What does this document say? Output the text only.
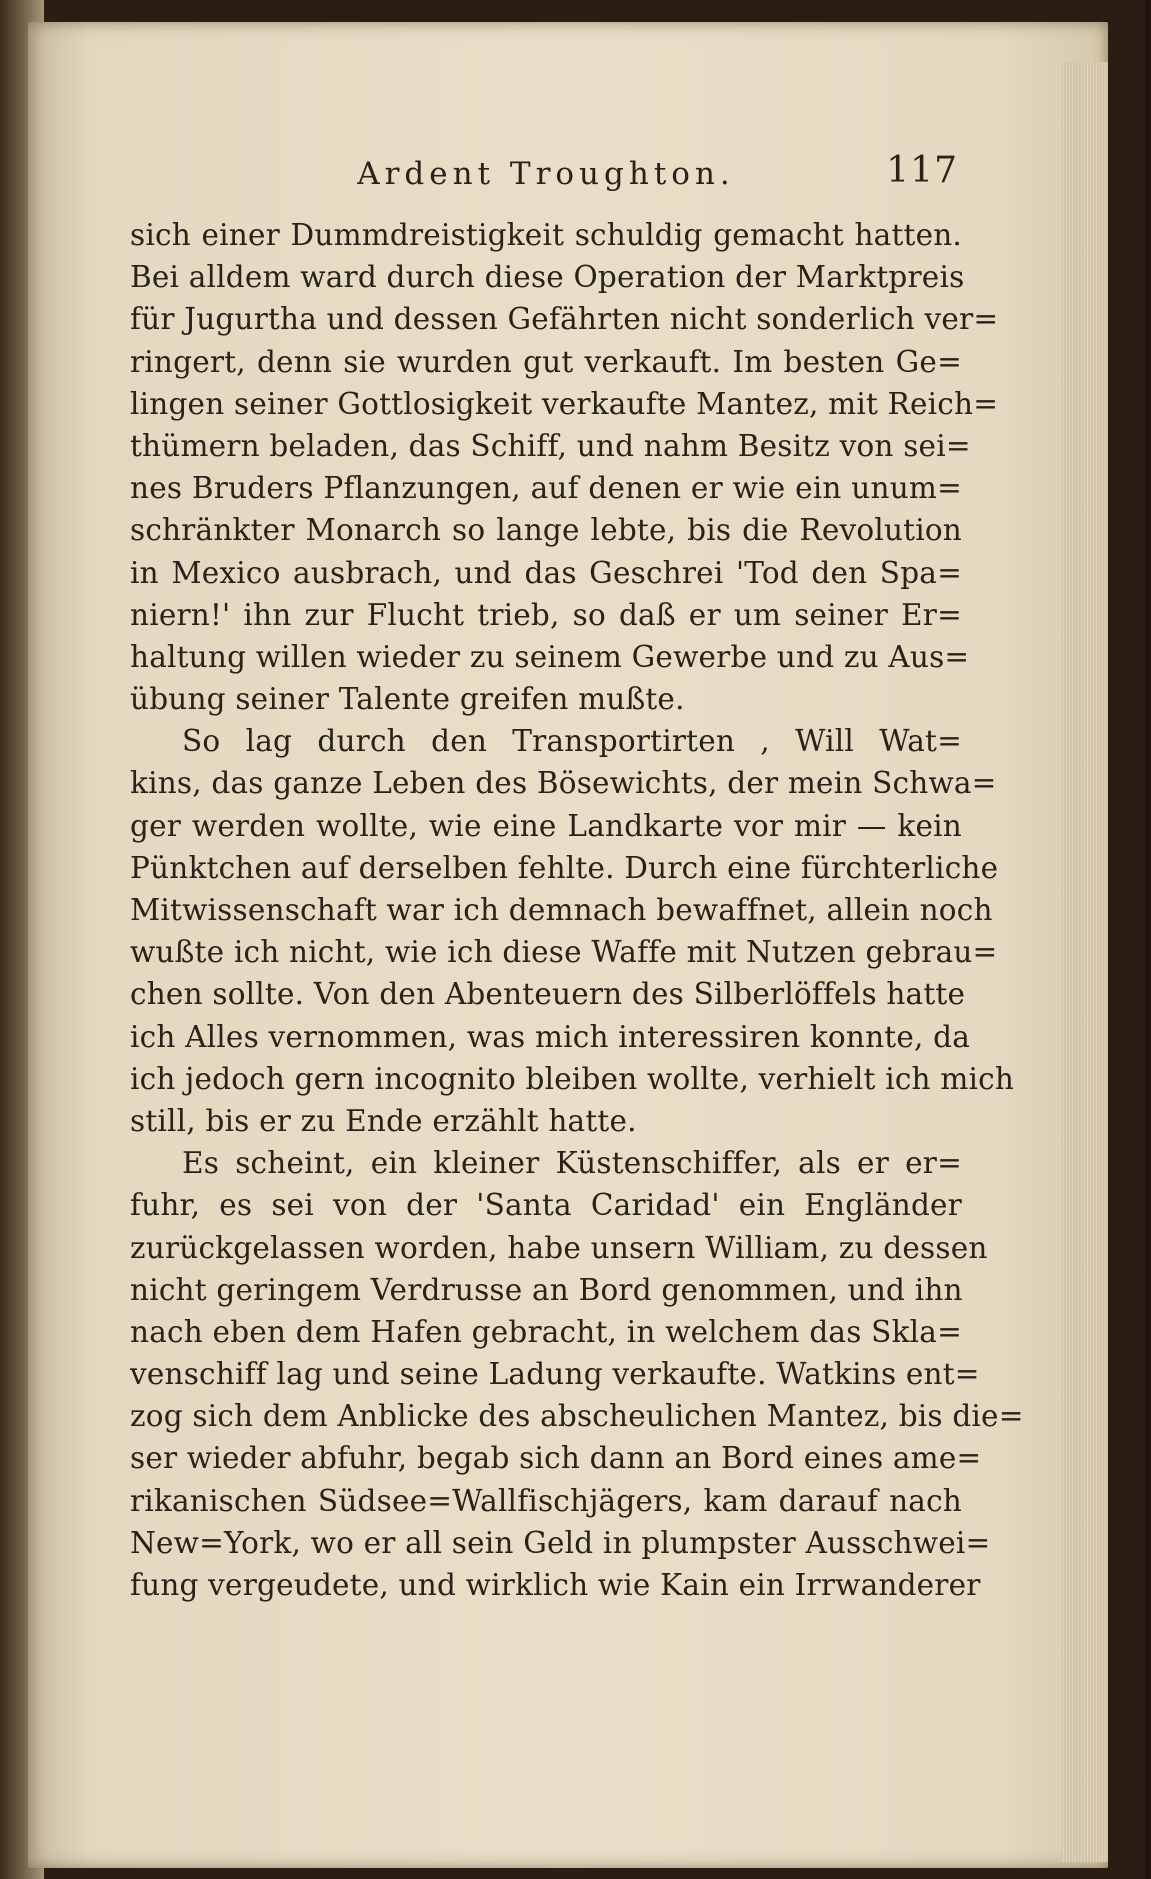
Ardent Troughton.	117
sich einer Dummdreistigkeit schuldig gemacht hatten.
Bei alldem ward durch diese Operation der Marktpreis
für Jugurtha und dessen Gefährten nicht sonderlich ver=
ringert, denn sie wurden gut verkauft. Im besten Ge=
lingen seiner Gottlosigkeit verkaufte Mantez, mit Reich=
thümern beladen, das Schiff, und nahm Besitz von sei=
nes Bruders Pflanzungen, auf denen er wie ein unum=
schränkter Monarch so lange lebte, bis die Revolution
in Mexico ausbrach, und das Geschrei 'Tod den Spa=
niern!' ihn zur Flucht trieb, so daß er um seiner Er=
haltung willen wieder zu seinem Gewerbe und zu Aus=
übung seiner Talente greifen mußte.
So lag durch den Transportirten , Will Wat=
kins, das ganze Leben des Bösewichts, der mein Schwa=
ger werden wollte, wie eine Landkarte vor mir — kein
Pünktchen auf derselben fehlte. Durch eine fürchterliche
Mitwissenschaft war ich demnach bewaffnet, allein noch
wußte ich nicht, wie ich diese Waffe mit Nutzen gebrau=
chen sollte. Von den Abenteuern des Silberlöffels hatte
ich Alles vernommen, was mich interessiren konnte, da
ich jedoch gern incognito bleiben wollte, verhielt ich mich
still, bis er zu Ende erzählt hatte.
Es scheint, ein kleiner Küstenschiffer, als er er=
fuhr, es sei von der 'Santa Caridad' ein Engländer
zurückgelassen worden, habe unsern William, zu dessen
nicht geringem Verdrusse an Bord genommen, und ihn
nach eben dem Hafen gebracht, in welchem das Skla=
venschiff lag und seine Ladung verkaufte. Watkins ent=
zog sich dem Anblicke des abscheulichen Mantez, bis die=
ser wieder abfuhr, begab sich dann an Bord eines ame=
rikanischen Südsee=Wallfischjägers, kam darauf nach
New=York, wo er all sein Geld in plumpster Ausschwei=
fung vergeudete, und wirklich wie Kain ein Irrwanderer
